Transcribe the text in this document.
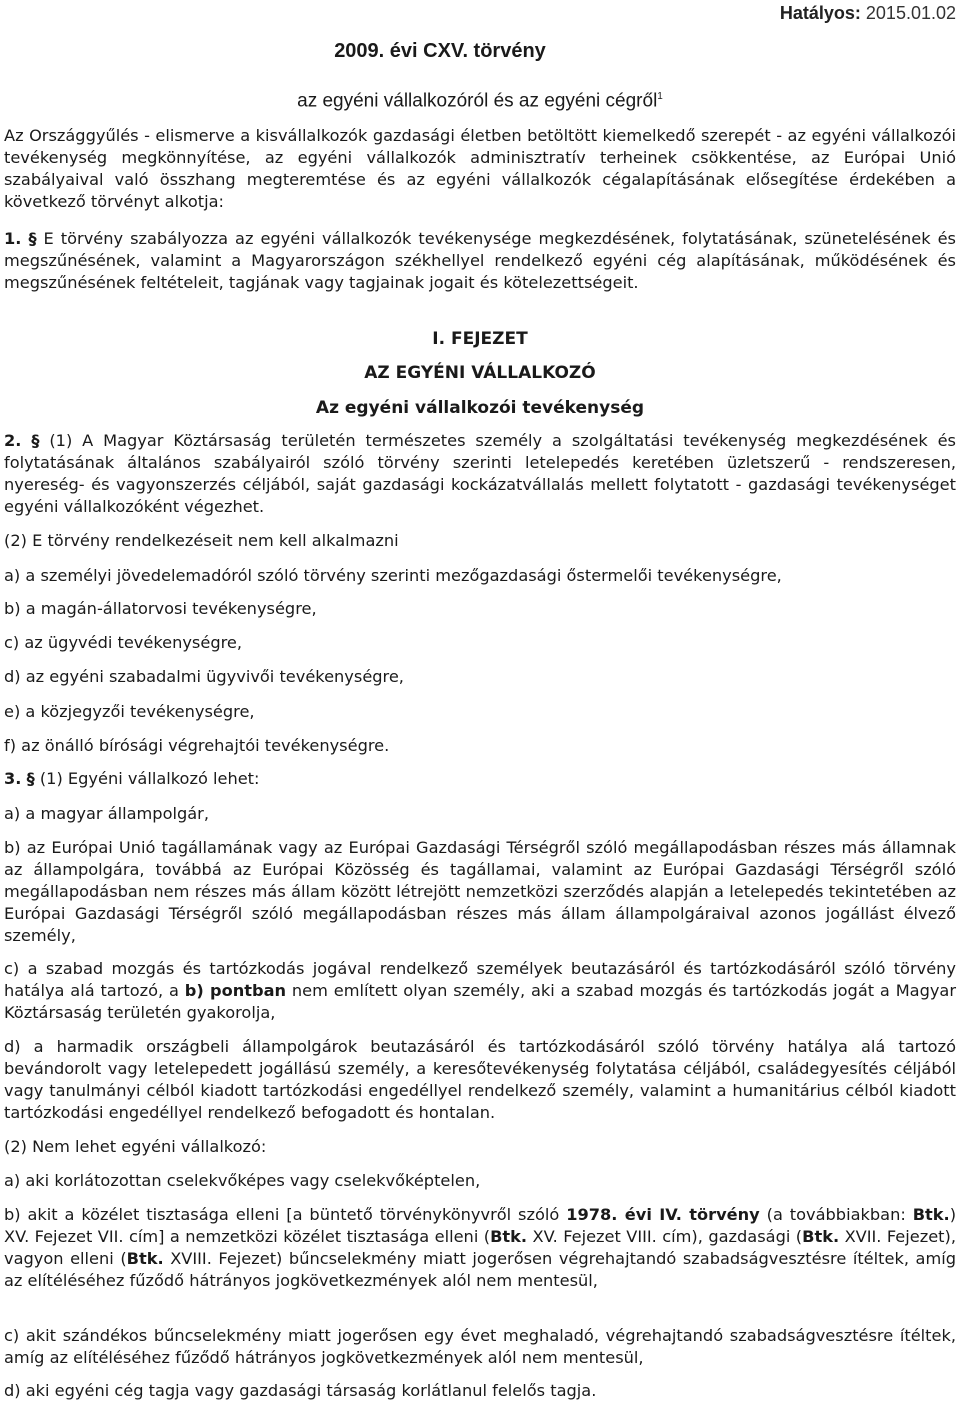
Hatályos: 2015.01.02
2009. évi CXV. törvény
az egyéni vállalkozóról és az egyéni cégről$^1$
Az Országgyűlés - elismerve a kisvállalkozók gazdasági életben betöltött kiemelkedő szerepét - az egyéni vállalkozói tevékenység megkönnyítése, az egyéni vállalkozók adminisztratív terheinek csökkentése, az Európai Unió szabályaival való összhang megteremtése és az egyéni vállalkozók cégalapításának elősegítése érdekében a következő törvényt alkotja:
1. § E törvény szabályozza az egyéni vállalkozók tevékenysége megkezdésének, folytatásának, szünetelésének és megszűnésének, valamint a Magyarországon székhellyel rendelkező egyéni cég alapításának, működésének és megszűnésének feltételeit, tagjának vagy tagjainak jogait és kötelezettségeit.
I. FEJEZET
AZ EGYÉNI VÁLLALKOZÓ
Az egyéni vállalkozói tevékenység
2. § (1) A Magyar Köztársaság területén természetes személy a szolgáltatási tevékenység megkezdésének és folytatásának általános szabályairól szóló törvény szerinti letelepedés keretében üzletszerű - rendszeresen, nyereség- és vagyonszerzés céljából, saját gazdasági kockázatvállalás mellett folytatott - gazdasági tevékenységet egyéni vállalkozóként végezhet.
(2) E törvény rendelkezéseit nem kell alkalmazni
a) a személyi jövedelemadóról szóló törvény szerinti mezőgazdasági őstermelői tevékenységre,
b) a magán-állatorvosi tevékenységre,
c) az ügyvédi tevékenységre,
d) az egyéni szabadalmi ügyvivői tevékenységre,
e) a közjegyzői tevékenységre,
f) az önálló bírósági végrehajtói tevékenységre.
3. § (1) Egyéni vállalkozó lehet:
a) a magyar állampolgár,
b) az Európai Unió tagállamának vagy az Európai Gazdasági Térségről szóló megállapodásban részes más államnak az állampolgára, továbbá az Európai Közösség és tagállamai, valamint az Európai Gazdasági Térségről szóló megállapodásban nem részes más állam között létrejött nemzetközi szerződés alapján a letelepedés tekintetében az Európai Gazdasági Térségről szóló megállapodásban részes más állam állampolgáraival azonos jogállást élvező személy,
c) a szabad mozgás és tartózkodás jogával rendelkező személyek beutazásáról és tartózkodásáról szóló törvény hatálya alá tartozó, a b) pontban nem említett olyan személy, aki a szabad mozgás és tartózkodás jogát a Magyar Köztársaság területén gyakorolja,
d) a harmadik országbeli állampolgárok beutazásáról és tartózkodásáról szóló törvény hatálya alá tartozó bevándorolt vagy letelepedett jogállású személy, a keresőtevékenység folytatása céljából, családegyesítés céljából vagy tanulmányi célból kiadott tartózkodási engedéllyel rendelkező személy, valamint a humanitárius célból kiadott tartózkodási engedéllyel rendelkező befogadott és hontalan.
(2) Nem lehet egyéni vállalkozó:
a) aki korlátozottan cselekvőképes vagy cselekvőképtelen,
b) akit a közélet tisztasága elleni [a büntető törvénykönyvről szóló 1978. évi IV. törvény (a továbbiakban: Btk.) XV. Fejezet VII. cím] a nemzetközi közélet tisztasága elleni (Btk. XV. Fejezet VIII. cím), gazdasági (Btk. XVII. Fejezet), vagyon elleni (Btk. XVIII. Fejezet) bűncselekmény miatt jogerősen végrehajtandó szabadságvesztésre ítéltek, amíg az elítéléséhez fűződő hátrányos jogkövetkezmények alól nem mentesül,
c) akit szándékos bűncselekmény miatt jogerősen egy évet meghaladó, végrehajtandó szabadságvesztésre ítéltek, amíg az elítéléséhez fűződő hátrányos jogkövetkezmények alól nem mentesül,
d) aki egyéni cég tagja vagy gazdasági társaság korlátlanul felelős tagja.
